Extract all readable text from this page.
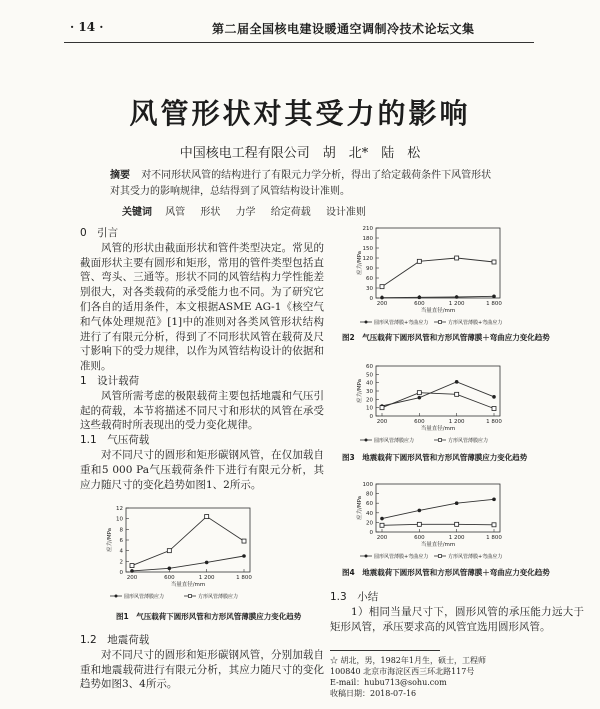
· 14 ·	第二届全国核电建设暖通空调制冷技术论坛文集
风管形状对其受力的影响
中国核电工程有限公司　胡　北*　陆　松
摘要 对不同形状风管的结构进行了有限元力学分析，得出了给定载荷条件下风管形状对其受力的影响规律，总结得到了风管结构设计准则。
关键词 风管 形状 力学 给定荷载 设计准则
0　引言

风管的形状由截面形状和管件类型决定。常见的截面形状主要有圆形和矩形，常用的管件类型包括直管、弯头、三通等。形状不同的风管结构力学性能差别很大，对各类载荷的承受能力也不同。为了研究它们各自的适用条件，本文根据ASME AG-1《核空气和气体处理规范》[1]中的准则对各类风管形状结构进行了有限元分析，得到了不同形状风管在载荷及尺寸影响下的受力规律，以作为风管结构设计的依据和准则。

1　设计载荷

风管所需考虑的极限载荷主要包括地震和气压引起的荷载，本节将描述不同尺寸和形状的风管在承受这些载荷时所表现出的受力变化规律。

1.1　气压荷载

对不同尺寸的圆形和矩形碳钢风管，在仅加载自重和5 000 Pa气压载荷条件下进行有限元分析，其应力随尺寸的变化趋势如图1、2所示。

0
2
4
6
8
10
12
200	600	1 200	1 800
当量直径/mm
应力/MPa
圆形风管薄膜应力	方形风管薄膜应力
图1　气压载荷下圆形风管和方形风管薄膜应力变化趋势
1.2　地震荷载

对不同尺寸的圆形和矩形碳钢风管，分别加载自重和地震载荷进行有限元分析，其应力随尺寸的变化趋势如图3、4所示。

0
30
60
90
120
150
180
210
200	600	1 200	1 800
当量直径/mm
应力/MPa
圆形风管薄膜+弯曲应力	方形风管薄膜+弯曲应力
图2　气压载荷下圆形风管和方形风管薄膜＋弯曲应力变化趋势
0
10
20
30
40
50
60
200	600	1 200	1 800
当量直径/mm
应力/MPa
圆形风管薄膜应力	方形风管薄膜应力
图3　地震载荷下圆形风管和方形风管薄膜应力变化趋势
0
20
40
60
80
100
200	600	1 200	1 800
当量直径/mm
应力/MPa
圆形风管薄膜+弯曲应力	方形风管薄膜+弯曲应力
图4　地震载荷下圆形风管和方形风管薄膜＋弯曲应力变化趋势
1.3　小结

1）相同当量尺寸下，圆形风管的承压能力远大于矩形风管，承压要求高的风管宜选用圆形风管。

☆ 胡北，男，1982年1月生，硕士，工程师
100840 北京市海淀区西三环北路117号
E-mail：hubu713@sohu.com
收稿日期：2018-07-16
